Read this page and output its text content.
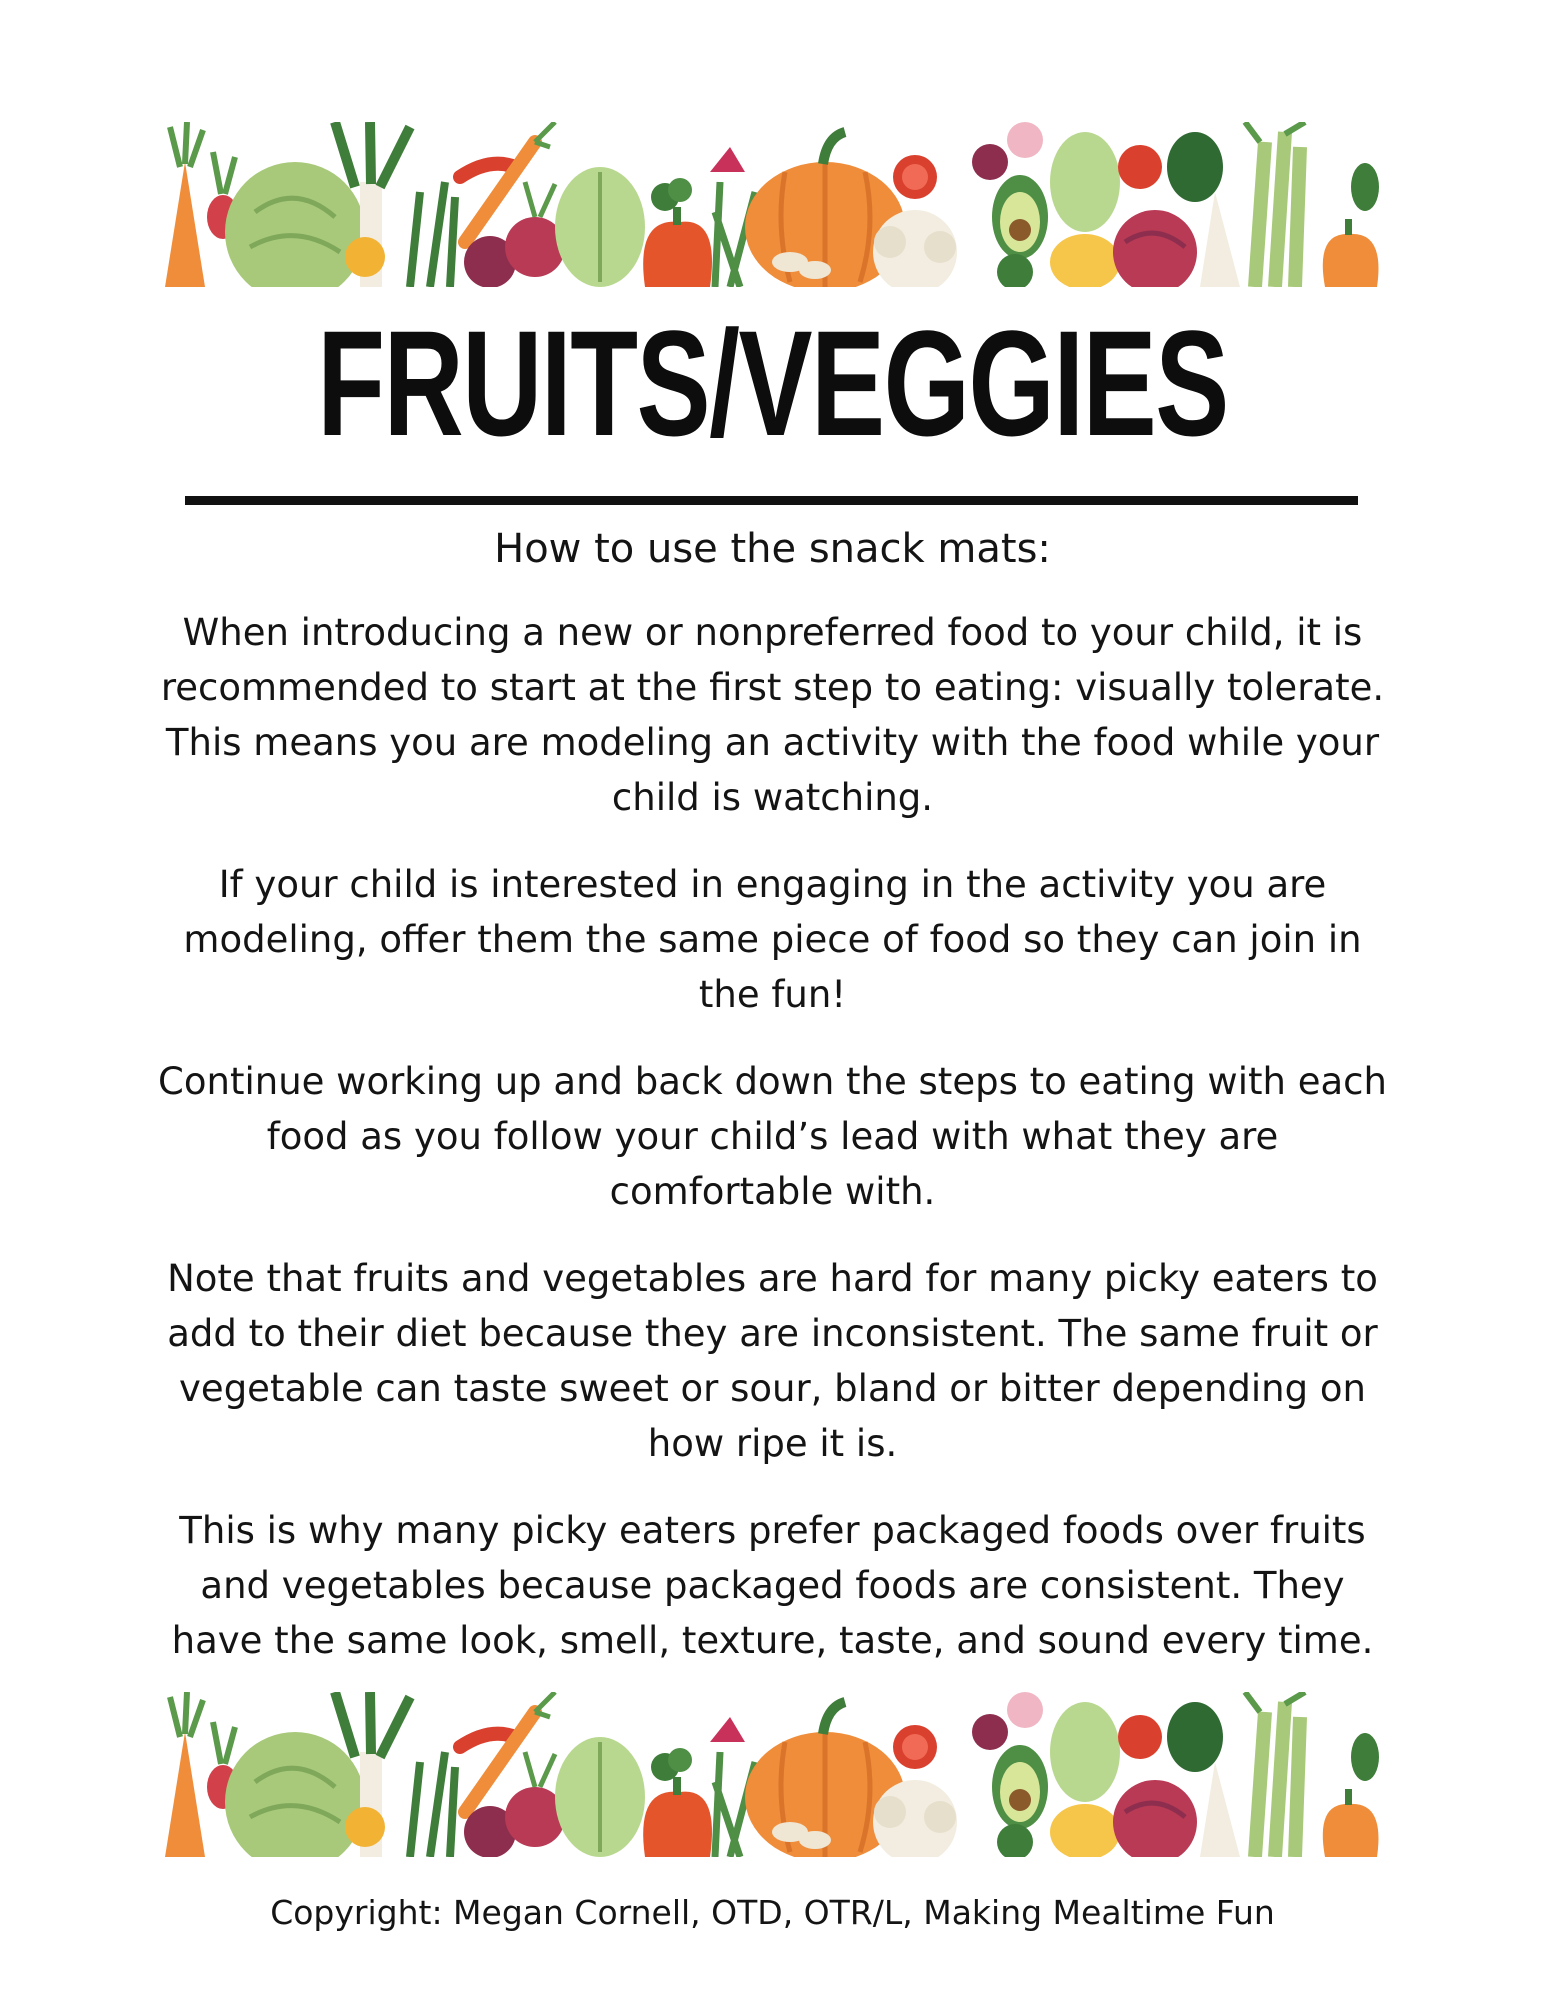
FRUITS/VEGGIES

How to use the snack mats:

When introducing a new or nonpreferred food to your child, it is recommended to start at the first step to eating: visually tolerate. This means you are modeling an activity with the food while your child is watching.

If your child is interested in engaging in the activity you are modeling, offer them the same piece of food so they can join in the fun!

Continue working up and back down the steps to eating with each food as you follow your child’s lead with what they are comfortable with.

Note that fruits and vegetables are hard for many picky eaters to add to their diet because they are inconsistent. The same fruit or vegetable can taste sweet or sour, bland or bitter depending on how ripe it is.

This is why many picky eaters prefer packaged foods over fruits and vegetables because packaged foods are consistent. They have the same look, smell, texture, taste, and sound every time.

Copyright: Megan Cornell, OTD, OTR/L, Making Mealtime Fun
